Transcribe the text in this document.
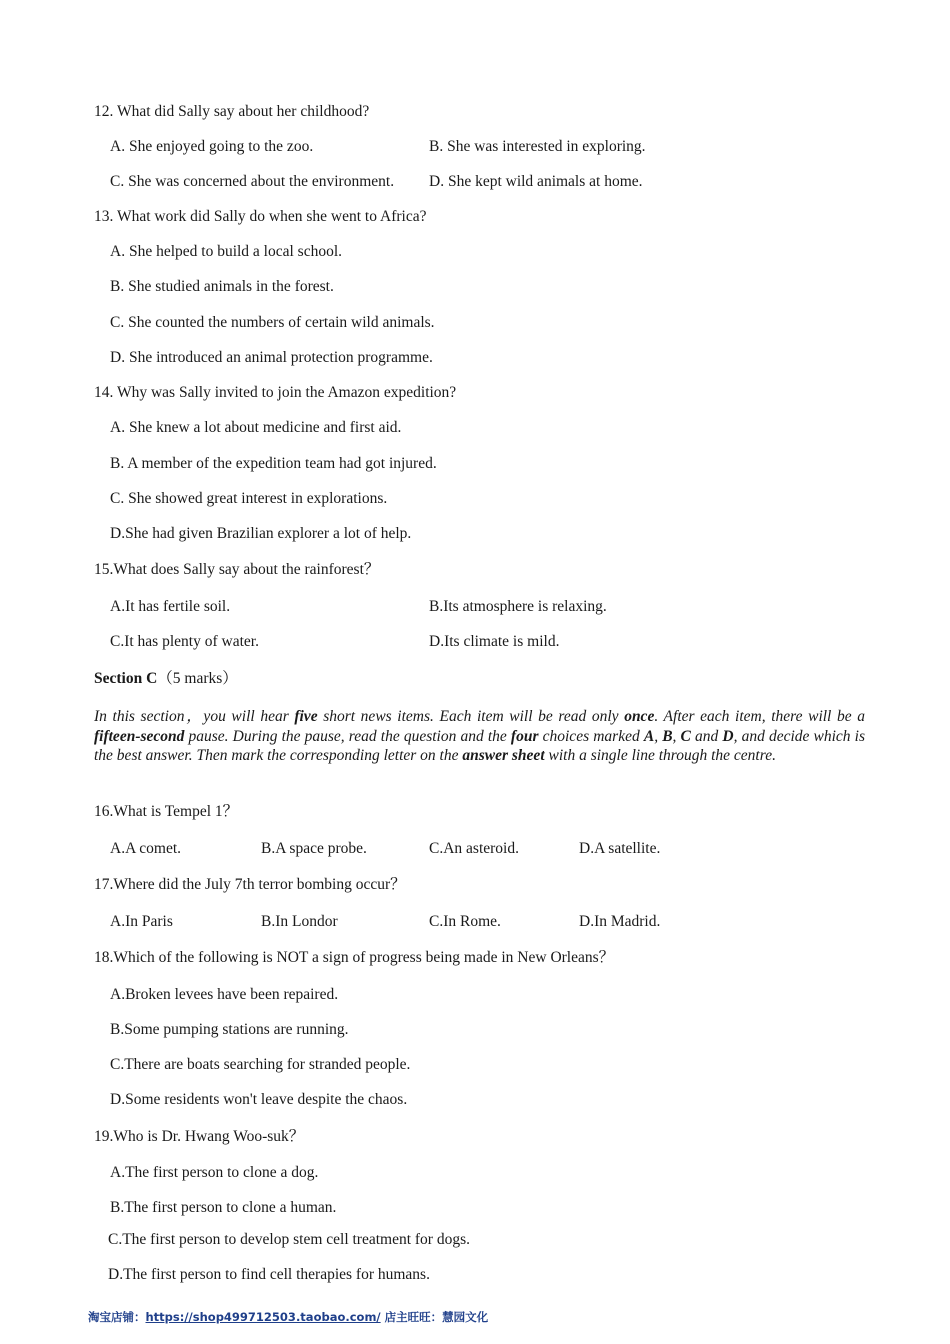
12. What did Sally say about her childhood?
A. She enjoyed going to the zoo.	B. She was interested in exploring.
C. She was concerned about the environment. D. She kept wild animals at home.
13. What work did Sally do when she went to Africa?
A. She helped to build a local school.
B. She studied animals in the forest.
C. She counted the numbers of certain wild animals.
D. She introduced an animal protection programme.
14. Why was Sally invited to join the Amazon expedition?
A. She knew a lot about medicine and first aid.
B. A member of the expedition team had got injured.
C. She showed great interest in explorations.
D.She had given Brazilian explorer a lot of help.
15.What does Sally say about the rainforest？
A.It has fertile soil.	B.Its atmosphere is relaxing.
C.It has plenty of water.	D.Its climate is mild.
Section C（5 marks）
In this section，you will hear five short news items. Each item will be read only once. After each item, there will be a fifteen-second pause. During the pause, read the question and the four choices marked A, B, C and D, and decide which is the best answer. Then mark the corresponding letter on the answer sheet with a single line through the centre.
16.What is Tempel 1？
A.A comet.	B.A space probe.	C.An asteroid.	D.A satellite.
17.Where did the July 7th terror bombing occur？
A.In Paris	B.In Londor	C.In Rome.	D.In Madrid.
18.Which of the following is NOT a sign of progress being made in New Orleans？
A.Broken levees have been repaired.
B.Some pumping stations are running.
C.There are boats searching for stranded people.
D.Some residents won't leave despite the chaos.
19.Who is Dr. Hwang Woo-suk？
A.The first person to clone a dog.
B.The first person to clone a human.
C.The first person to develop stem cell treatment for dogs.
D.The first person to find cell therapies for humans.
淘宝店铺：https://shop499712503.taobao.com/ 店主旺旺：慧园文化
